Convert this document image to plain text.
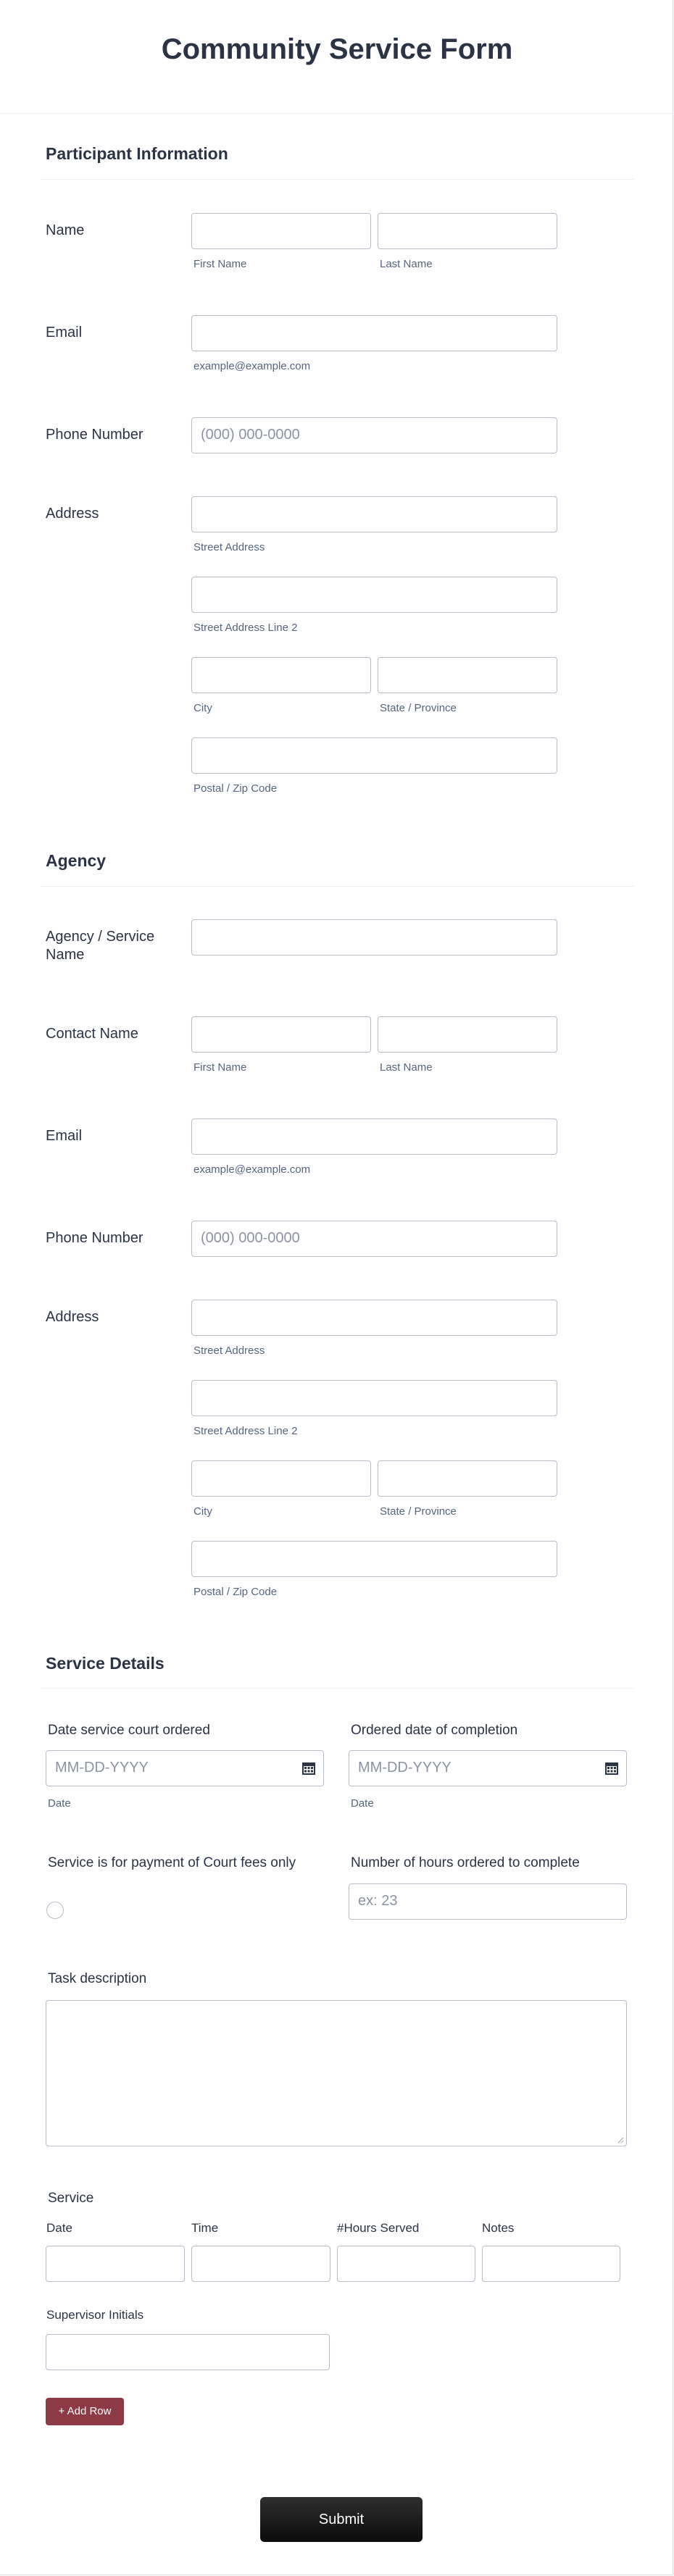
Community Service Form
Participant Information
Name
First Name	Last Name
Email
example@example.com
Phone Number	(000) 000-0000
Address
Street Address
Street Address Line 2
City	State / Province
Postal / Zip Code
Agency
Agency / Service Name
Contact Name
First Name	Last Name
Email
example@example.com
Phone Number	(000) 000-0000
Address
Street Address
Street Address Line 2
City	State / Province
Postal / Zip Code
Service Details
Date service court ordered
MM-DD-YYYY
Date
Ordered date of completion
MM-DD-YYYY
Date
Service is for payment of Court fees only	Number of hours ordered to complete
ex: 23
Task description
Service
Date	Time	#Hours Served	Notes
Supervisor Initials
+ Add Row
Submit
